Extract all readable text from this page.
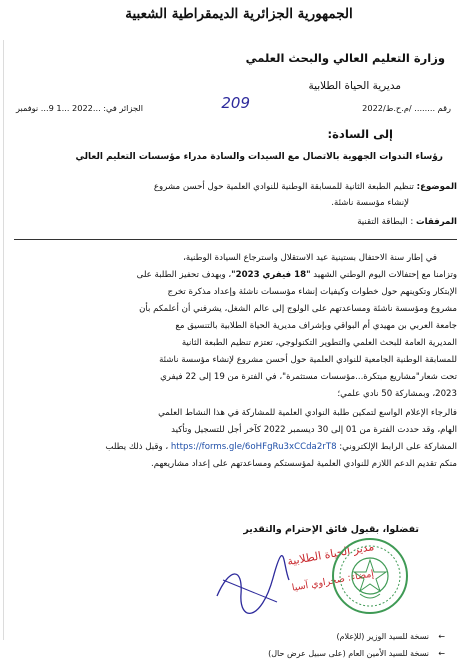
الجمهورية الجزائرية الديمقراطية الشعبية
وزارة التعليم العالي والبحث العلمي
مديرية الحياة الطلابية
رقم ........ /م.ح.ط/2022
209
الجزائر في: ...2022 ...1 9... نوفمبر
إلى السادة:
رؤساء الندوات الجهوية بالاتصال مع السيدات والسادة مدراء مؤسسات التعليم العالي
الموضوع: تنظيم الطبعة الثانية للمسابقة الوطنية للنوادي العلمية حول أحسن مشروع
لإنشاء مؤسسة ناشئة.
المرفقات : البطاقة التقنية
في إطار سنة الاحتفال بستينية عيد الاستقلال واسترجاع السيادة الوطنية،
وتزامنا مع إحتفالات اليوم الوطني الشهيد "18 فيفري 2023"، وبهدف تحفيز الطلبة على
الإبتكار وتكوينهم حول خطوات وكيفيات إنشاء مؤسسات ناشئة وإعداد مذكرة تخرج
مشروع ومؤسسة ناشئة ومساعدتهم على الولوج إلى عالم الشغل، يشرفني أن أعلمكم بأن
جامعة العربي بن مهيدي أم البواقي وبإشراف مديرية الحياة الطلابية بالتنسيق مع
المديرية العامة للبحث العلمي والتطوير التكنولوجي، تعتزم تنظيم الطبعة الثانية
للمسابقة الوطنية الجامعية للنوادي العلمية حول أحسن مشروع لإنشاء مؤسسة ناشئة
تحت شعار"مشاريع مبتكرة...مؤسسات مستثمرة"، في الفترة من 19 إلى 22 فيفري
2023، وبمشاركة 50 نادي علمي؛
فالرجاء الإعلام الواسع لتمكين طلبة النوادي العلمية للمشاركة في هذا النشاط العلمي
الهام، وقد حددت الفترة من 01 إلى 30 ديسمبر 2022 كآخر أجل للتسجيل وتأكيد
المشاركة على الرابط الإلكتروني: https://forms.gle/6oHFgRu3xCCda2rT8 ، وقبل ذلك يطلب
منكم تقديم الدعم اللازم للنوادي العلمية لمؤسستكم ومساعدتهم على إعداد مشاريعهم.
تفضلوا، بقبول فائق الإحترام والتقدير
مدير الحياة الطلابية
إمضاء: صحراوي آسيا
←
نسخة للسيد الوزير (للإعلام)
←
نسخة للسيد الأمين العام (على سبيل عرض حال)
